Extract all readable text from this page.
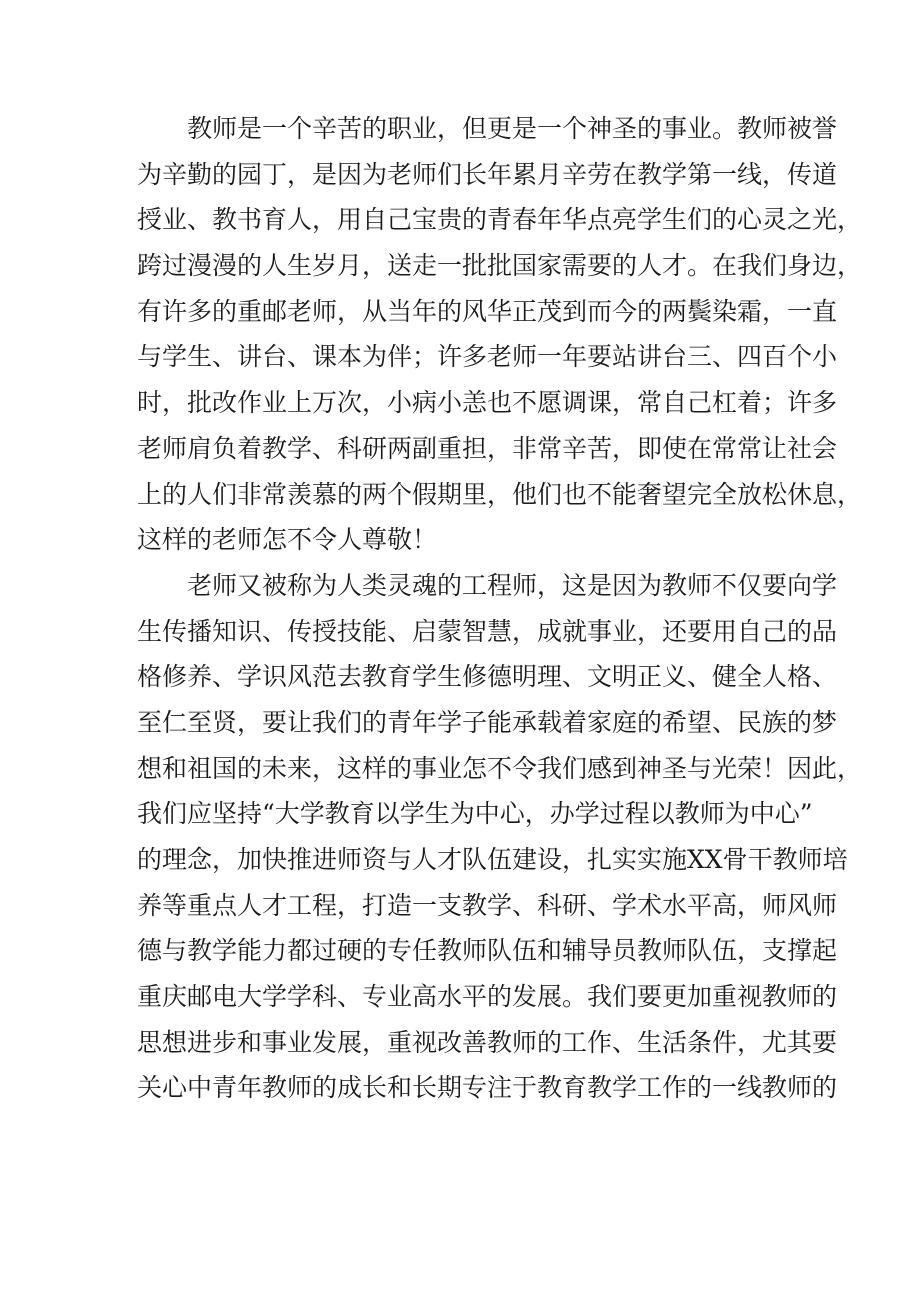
教师是一个辛苦的职业，但更是一个神圣的事业。教师被誉
为辛勤的园丁，是因为老师们长年累月辛劳在教学第一线，传道
授业、教书育人，用自己宝贵的青春年华点亮学生们的心灵之光，
跨过漫漫的人生岁月，送走一批批国家需要的人才。在我们身边，
有许多的重邮老师，从当年的风华正茂到而今的两鬓染霜，一直
与学生、讲台、课本为伴；许多老师一年要站讲台三、四百个小
时，批改作业上万次，小病小恙也不愿调课，常自己杠着；许多
老师肩负着教学、科研两副重担，非常辛苦，即使在常常让社会
上的人们非常羡慕的两个假期里，他们也不能奢望完全放松休息，
这样的老师怎不令人尊敬！
老师又被称为人类灵魂的工程师，这是因为教师不仅要向学
生传播知识、传授技能、启蒙智慧，成就事业，还要用自己的品
格修养、学识风范去教育学生修德明理、文明正义、健全人格、
至仁至贤，要让我们的青年学子能承载着家庭的希望、民族的梦
想和祖国的未来，这样的事业怎不令我们感到神圣与光荣！因此，
我们应坚持“大学教育以学生为中心，办学过程以教师为中心”
的理念，加快推进师资与人才队伍建设，扎实实施XX骨干教师培
养等重点人才工程，打造一支教学、科研、学术水平高，师风师
德与教学能力都过硬的专任教师队伍和辅导员教师队伍，支撑起
重庆邮电大学学科、专业高水平的发展。我们要更加重视教师的
思想进步和事业发展，重视改善教师的工作、生活条件，尤其要
关心中青年教师的成长和长期专注于教育教学工作的一线教师的
